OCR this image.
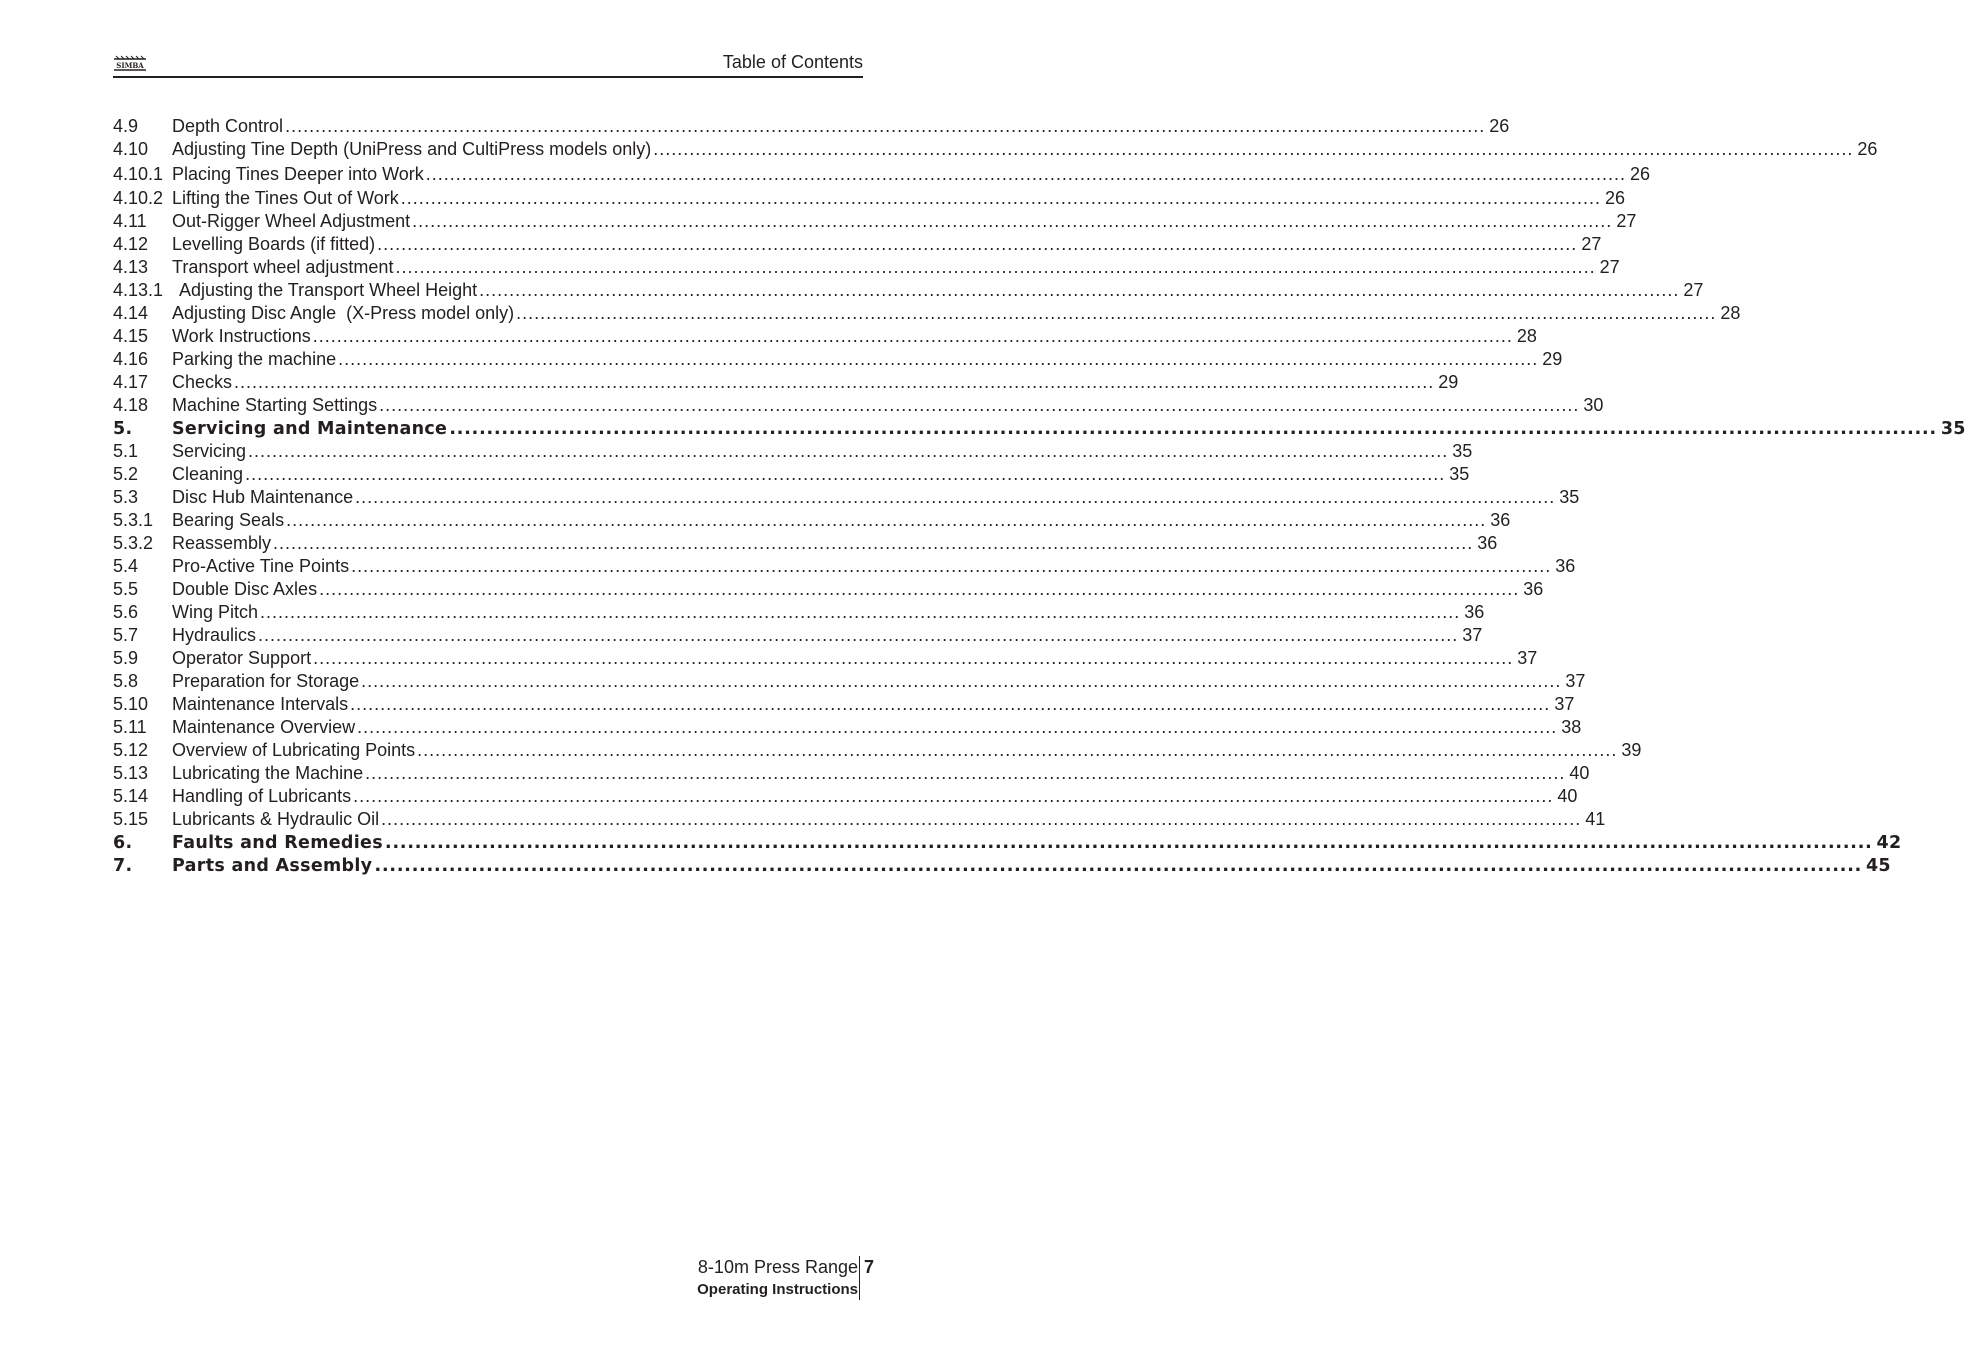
SIMBA	Table of Contents
4.9	Depth Control ........................................................................................................................................................................................................ 26
4.10	Adjusting Tine Depth (UniPress and CultiPress models only) ........................................................................................................................................................................................................ 26
4.10.1 Placing Tines Deeper into Work ........................................................................................................................................................................................................ 26
4.10.2 Lifting the Tines Out of Work ........................................................................................................................................................................................................ 26
4.11	Out-Rigger Wheel Adjustment ........................................................................................................................................................................................................ 27
4.12	Levelling Boards (if fitted) ........................................................................................................................................................................................................ 27
4.13	Transport wheel adjustment ........................................................................................................................................................................................................ 27
4.13.1 Adjusting the Transport Wheel Height ........................................................................................................................................................................................................ 27
4.14	Adjusting Disc Angle  (X-Press model only) ........................................................................................................................................................................................................ 28
4.15	Work Instructions ........................................................................................................................................................................................................ 28
4.16	Parking the machine ........................................................................................................................................................................................................ 29
4.17	Checks ........................................................................................................................................................................................................ 29
4.18	Machine Starting Settings ........................................................................................................................................................................................................ 30
5.	Servicing and Maintenance ........................................................................................................................................................................................................ 35
5.1	Servicing ........................................................................................................................................................................................................ 35
5.2	Cleaning ........................................................................................................................................................................................................ 35
5.3	Disc Hub Maintenance ........................................................................................................................................................................................................ 35
5.3.1	Bearing Seals ........................................................................................................................................................................................................ 36
5.3.2	Reassembly ........................................................................................................................................................................................................ 36
5.4	Pro-Active Tine Points ........................................................................................................................................................................................................ 36
5.5	Double Disc Axles ........................................................................................................................................................................................................ 36
5.6	Wing Pitch ........................................................................................................................................................................................................ 36
5.7	Hydraulics ........................................................................................................................................................................................................ 37
5.9	Operator Support ........................................................................................................................................................................................................ 37
5.8	Preparation for Storage ........................................................................................................................................................................................................ 37
5.10	Maintenance Intervals ........................................................................................................................................................................................................ 37
5.11	Maintenance Overview ........................................................................................................................................................................................................ 38
5.12	Overview of Lubricating Points ........................................................................................................................................................................................................ 39
5.13	Lubricating the Machine ........................................................................................................................................................................................................ 40
5.14	Handling of Lubricants ........................................................................................................................................................................................................ 40
5.15	Lubricants & Hydraulic Oil ........................................................................................................................................................................................................ 41
6.	Faults and Remedies ........................................................................................................................................................................................................ 42
7.	Parts and Assembly ........................................................................................................................................................................................................ 45
8-10m Press Range
Operating Instructions
7
